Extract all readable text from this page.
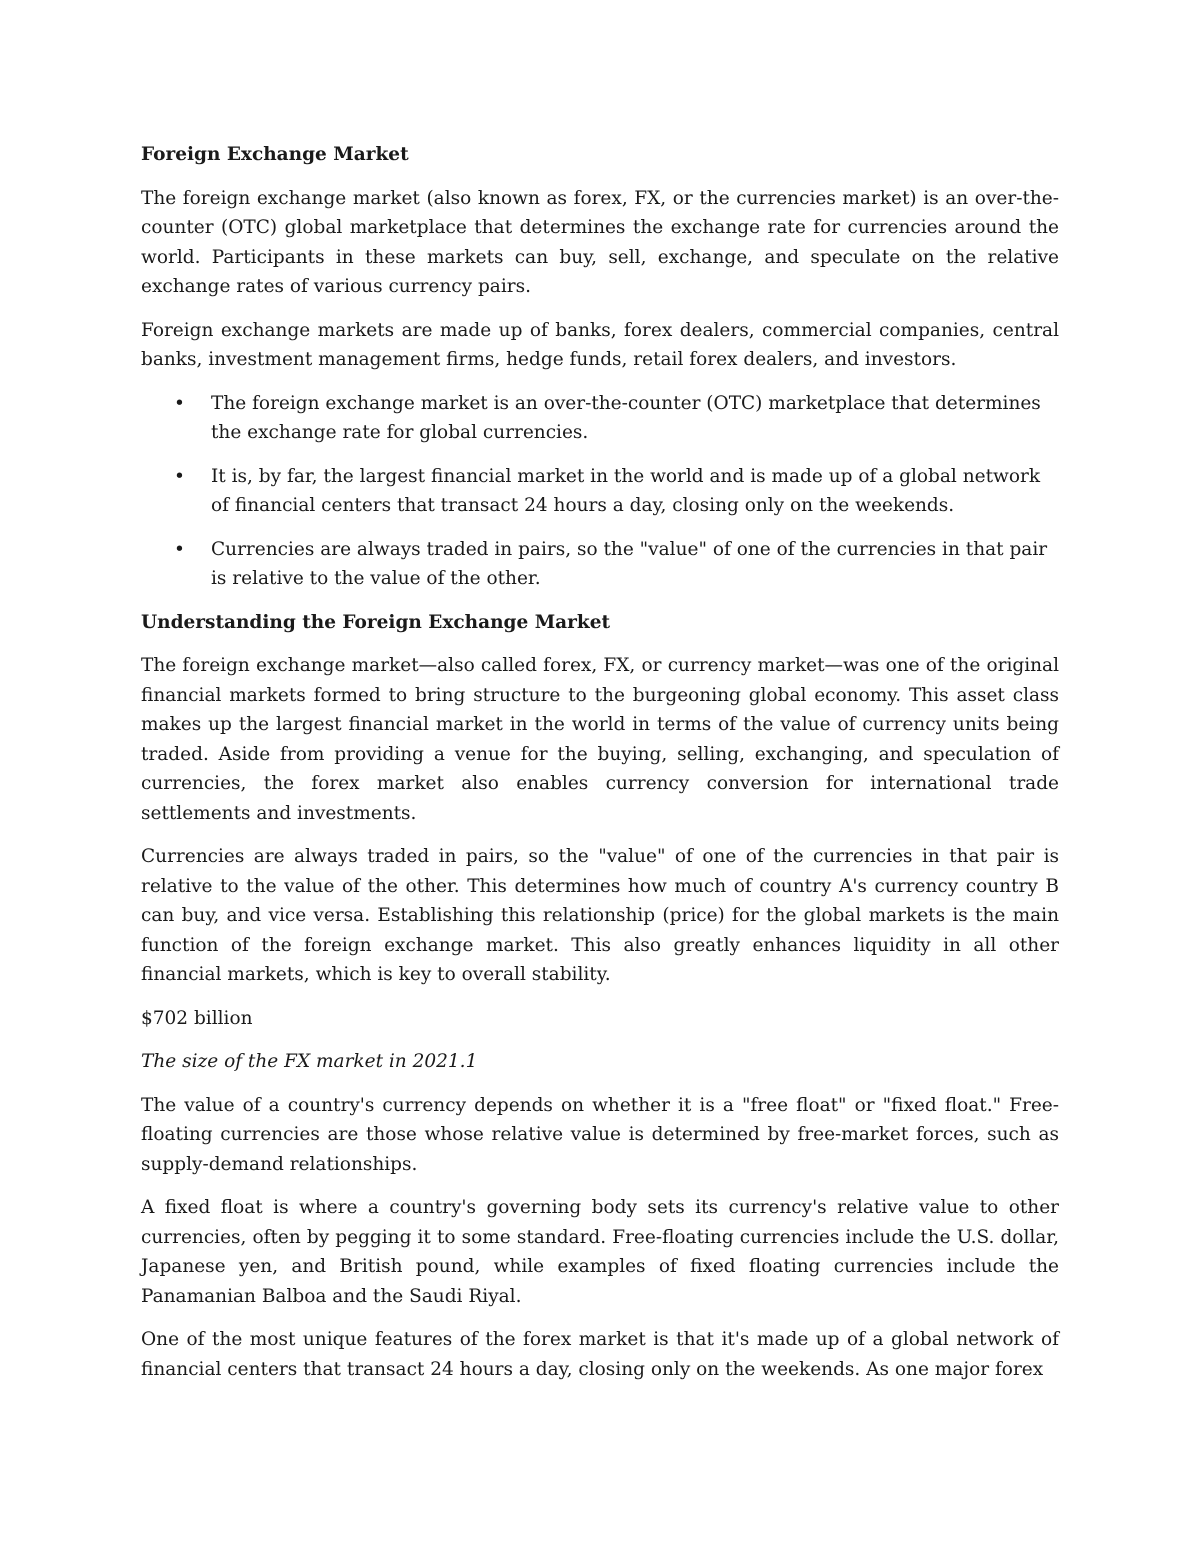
Foreign Exchange Market

The foreign exchange market (also known as forex, FX, or the currencies market) is an over-the-counter (OTC) global marketplace that determines the exchange rate for currencies around the world. Participants in these markets can buy, sell, exchange, and speculate on the relative exchange rates of various currency pairs.

Foreign exchange markets are made up of banks, forex dealers, commercial companies, central banks, investment management firms, hedge funds, retail forex dealers, and investors.

• The foreign exchange market is an over-the-counter (OTC) marketplace that determines the exchange rate for global currencies.
• It is, by far, the largest financial market in the world and is made up of a global network of financial centers that transact 24 hours a day, closing only on the weekends.
• Currencies are always traded in pairs, so the "value" of one of the currencies in that pair is relative to the value of the other.

Understanding the Foreign Exchange Market

The foreign exchange market—also called forex, FX, or currency market—was one of the original financial markets formed to bring structure to the burgeoning global economy. This asset class makes up the largest financial market in the world in terms of the value of currency units being traded. Aside from providing a venue for the buying, selling, exchanging, and speculation of currencies, the forex market also enables currency conversion for international trade settlements and investments.

Currencies are always traded in pairs, so the "value" of one of the currencies in that pair is relative to the value of the other. This determines how much of country A's currency country B can buy, and vice versa. Establishing this relationship (price) for the global markets is the main function of the foreign exchange market. This also greatly enhances liquidity in all other financial markets, which is key to overall stability.

$702 billion

The size of the FX market in 2021.1

The value of a country's currency depends on whether it is a "free float" or "fixed float." Free-floating currencies are those whose relative value is determined by free-market forces, such as supply-demand relationships.

A fixed float is where a country's governing body sets its currency's relative value to other currencies, often by pegging it to some standard. Free-floating currencies include the U.S. dollar, Japanese yen, and British pound, while examples of fixed floating currencies include the Panamanian Balboa and the Saudi Riyal.

One of the most unique features of the forex market is that it's made up of a global network of financial centers that transact 24 hours a day, closing only on the weekends. As one major forex
